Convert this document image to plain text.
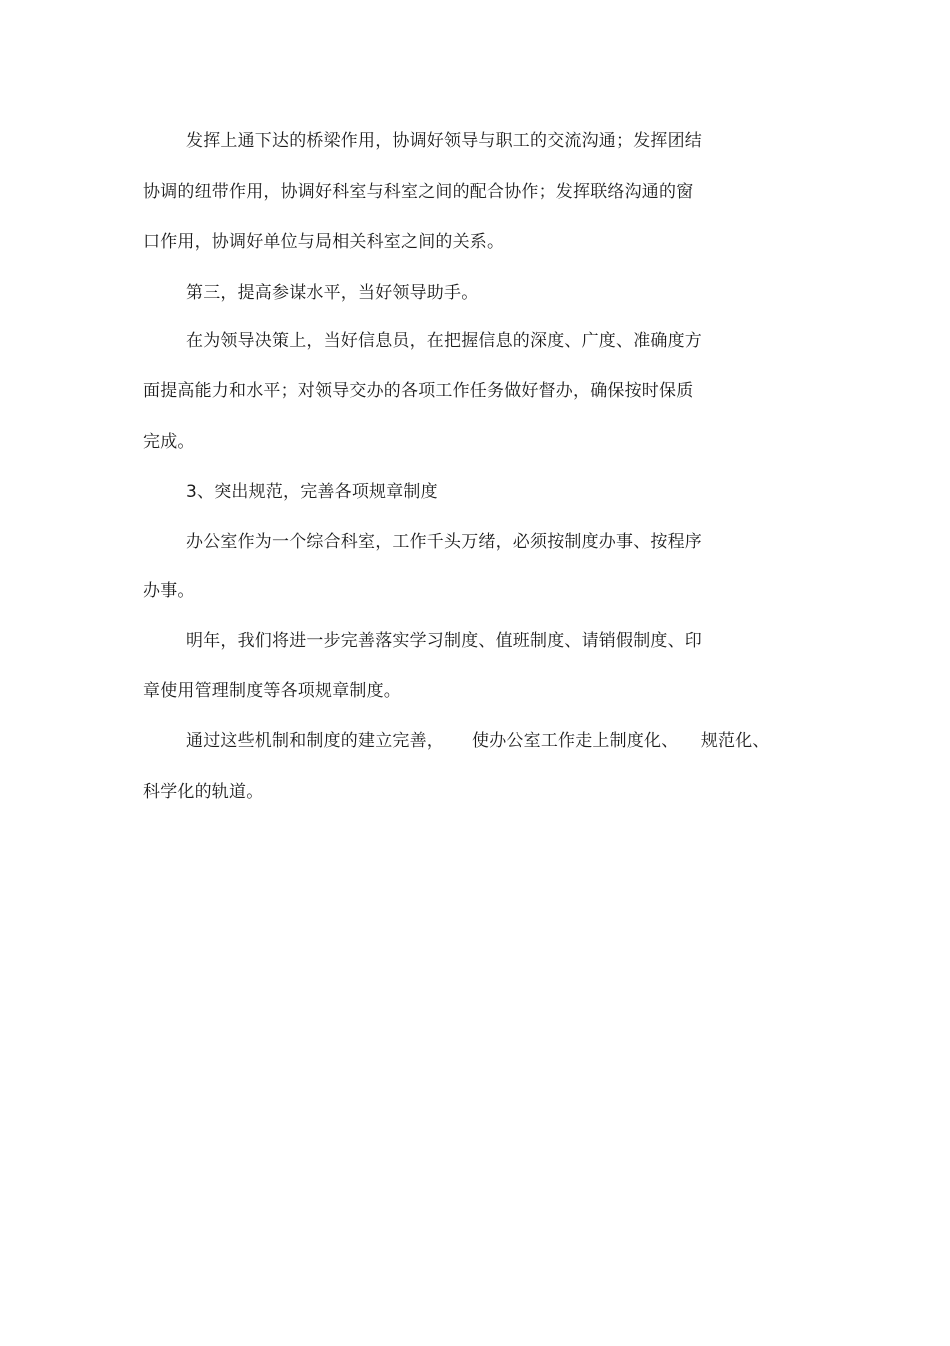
发挥上通下达的桥梁作用，协调好领导与职工的交流沟通；发挥团结
协调的纽带作用，协调好科室与科室之间的配合协作；发挥联络沟通的窗
口作用，协调好单位与局相关科室之间的关系。
第三，提高参谋水平，当好领导助手。
在为领导决策上，当好信息员，在把握信息的深度、广度、准确度方
面提高能力和水平；对领导交办的各项工作任务做好督办，确保按时保质
完成。
3、突出规范，完善各项规章制度
办公室作为一个综合科室，工作千头万绪，必须按制度办事、按程序
办事。
明年，我们将进一步完善落实学习制度、值班制度、请销假制度、印
章使用管理制度等各项规章制度。
通过这些机制和制度的建立完善，     使办公室工作走上制度化、    规范化、
科学化的轨道。
